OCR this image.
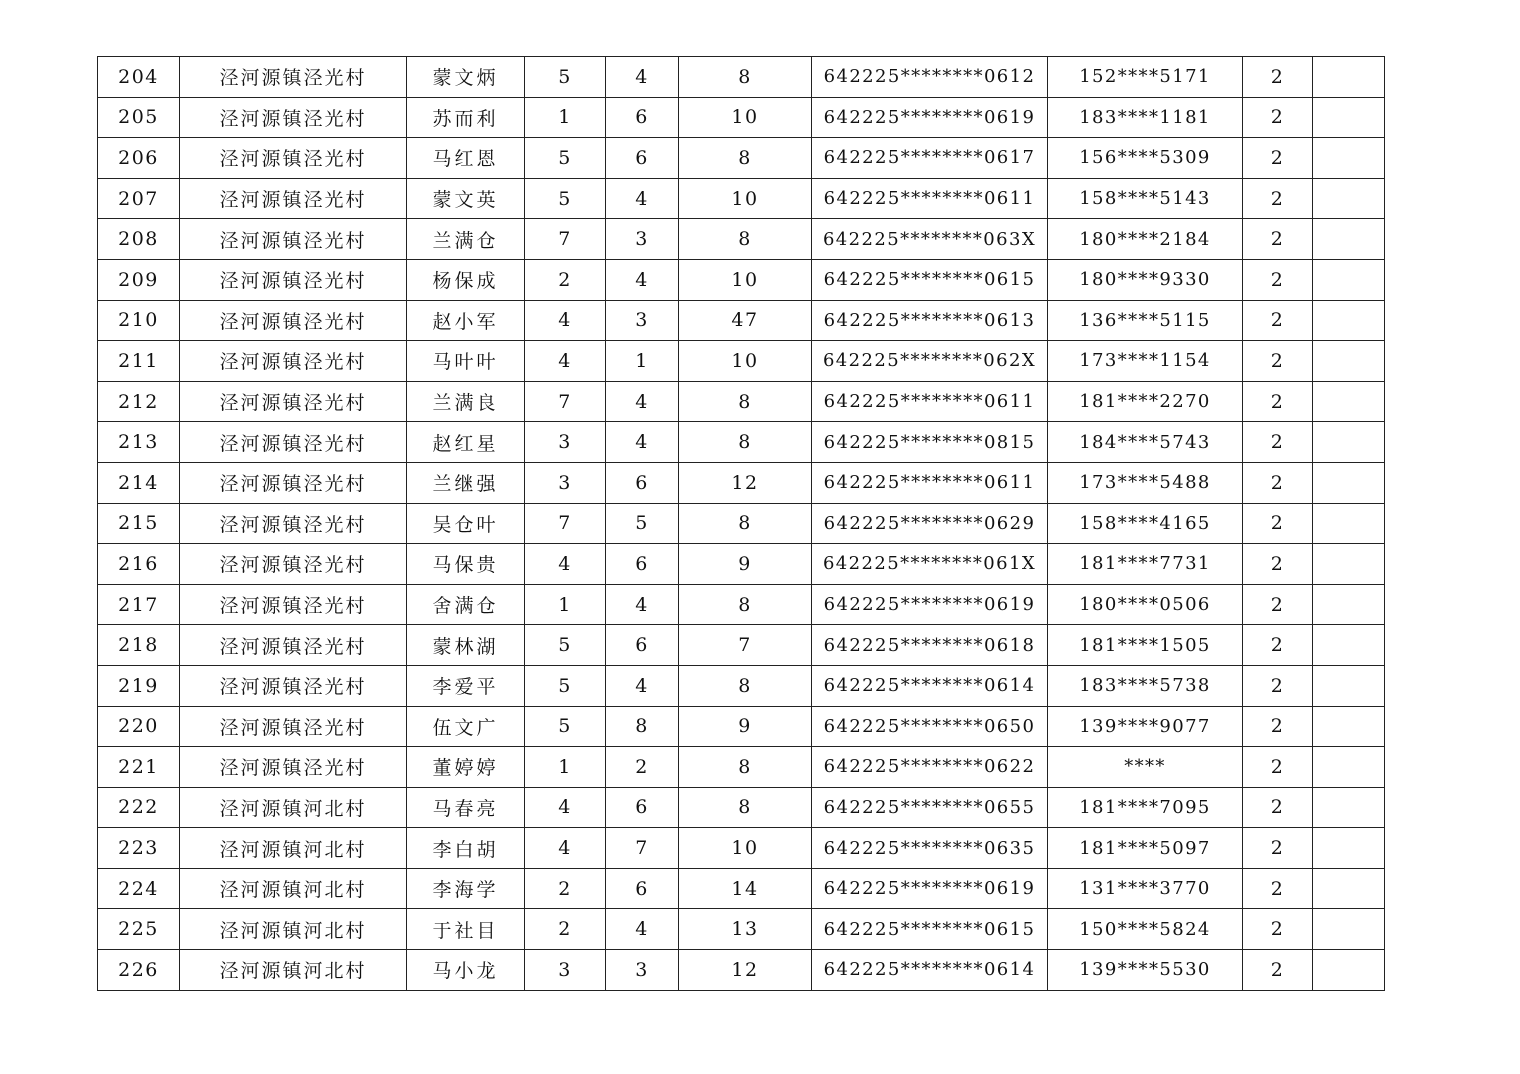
204	泾河源镇泾光村	蒙文炳	5	4	8	642225********0612	152****5171	2	
205	泾河源镇泾光村	苏而利	1	6	10	642225********0619	183****1181	2	
206	泾河源镇泾光村	马红恩	5	6	8	642225********0617	156****5309	2	
207	泾河源镇泾光村	蒙文英	5	4	10	642225********0611	158****5143	2	
208	泾河源镇泾光村	兰满仓	7	3	8	642225********063X	180****2184	2	
209	泾河源镇泾光村	杨保成	2	4	10	642225********0615	180****9330	2	
210	泾河源镇泾光村	赵小军	4	3	47	642225********0613	136****5115	2	
211	泾河源镇泾光村	马叶叶	4	1	10	642225********062X	173****1154	2	
212	泾河源镇泾光村	兰满良	7	4	8	642225********0611	181****2270	2	
213	泾河源镇泾光村	赵红星	3	4	8	642225********0815	184****5743	2	
214	泾河源镇泾光村	兰继强	3	6	12	642225********0611	173****5488	2	
215	泾河源镇泾光村	吴仓叶	7	5	8	642225********0629	158****4165	2	
216	泾河源镇泾光村	马保贵	4	6	9	642225********061X	181****7731	2	
217	泾河源镇泾光村	舍满仓	1	4	8	642225********0619	180****0506	2	
218	泾河源镇泾光村	蒙林湖	5	6	7	642225********0618	181****1505	2	
219	泾河源镇泾光村	李爱平	5	4	8	642225********0614	183****5738	2	
220	泾河源镇泾光村	伍文广	5	8	9	642225********0650	139****9077	2	
221	泾河源镇泾光村	董婷婷	1	2	8	642225********0622	****	2	
222	泾河源镇河北村	马春亮	4	6	8	642225********0655	181****7095	2	
223	泾河源镇河北村	李白胡	4	7	10	642225********0635	181****5097	2	
224	泾河源镇河北村	李海学	2	6	14	642225********0619	131****3770	2	
225	泾河源镇河北村	于社目	2	4	13	642225********0615	150****5824	2	
226	泾河源镇河北村	马小龙	3	3	12	642225********0614	139****5530	2	
